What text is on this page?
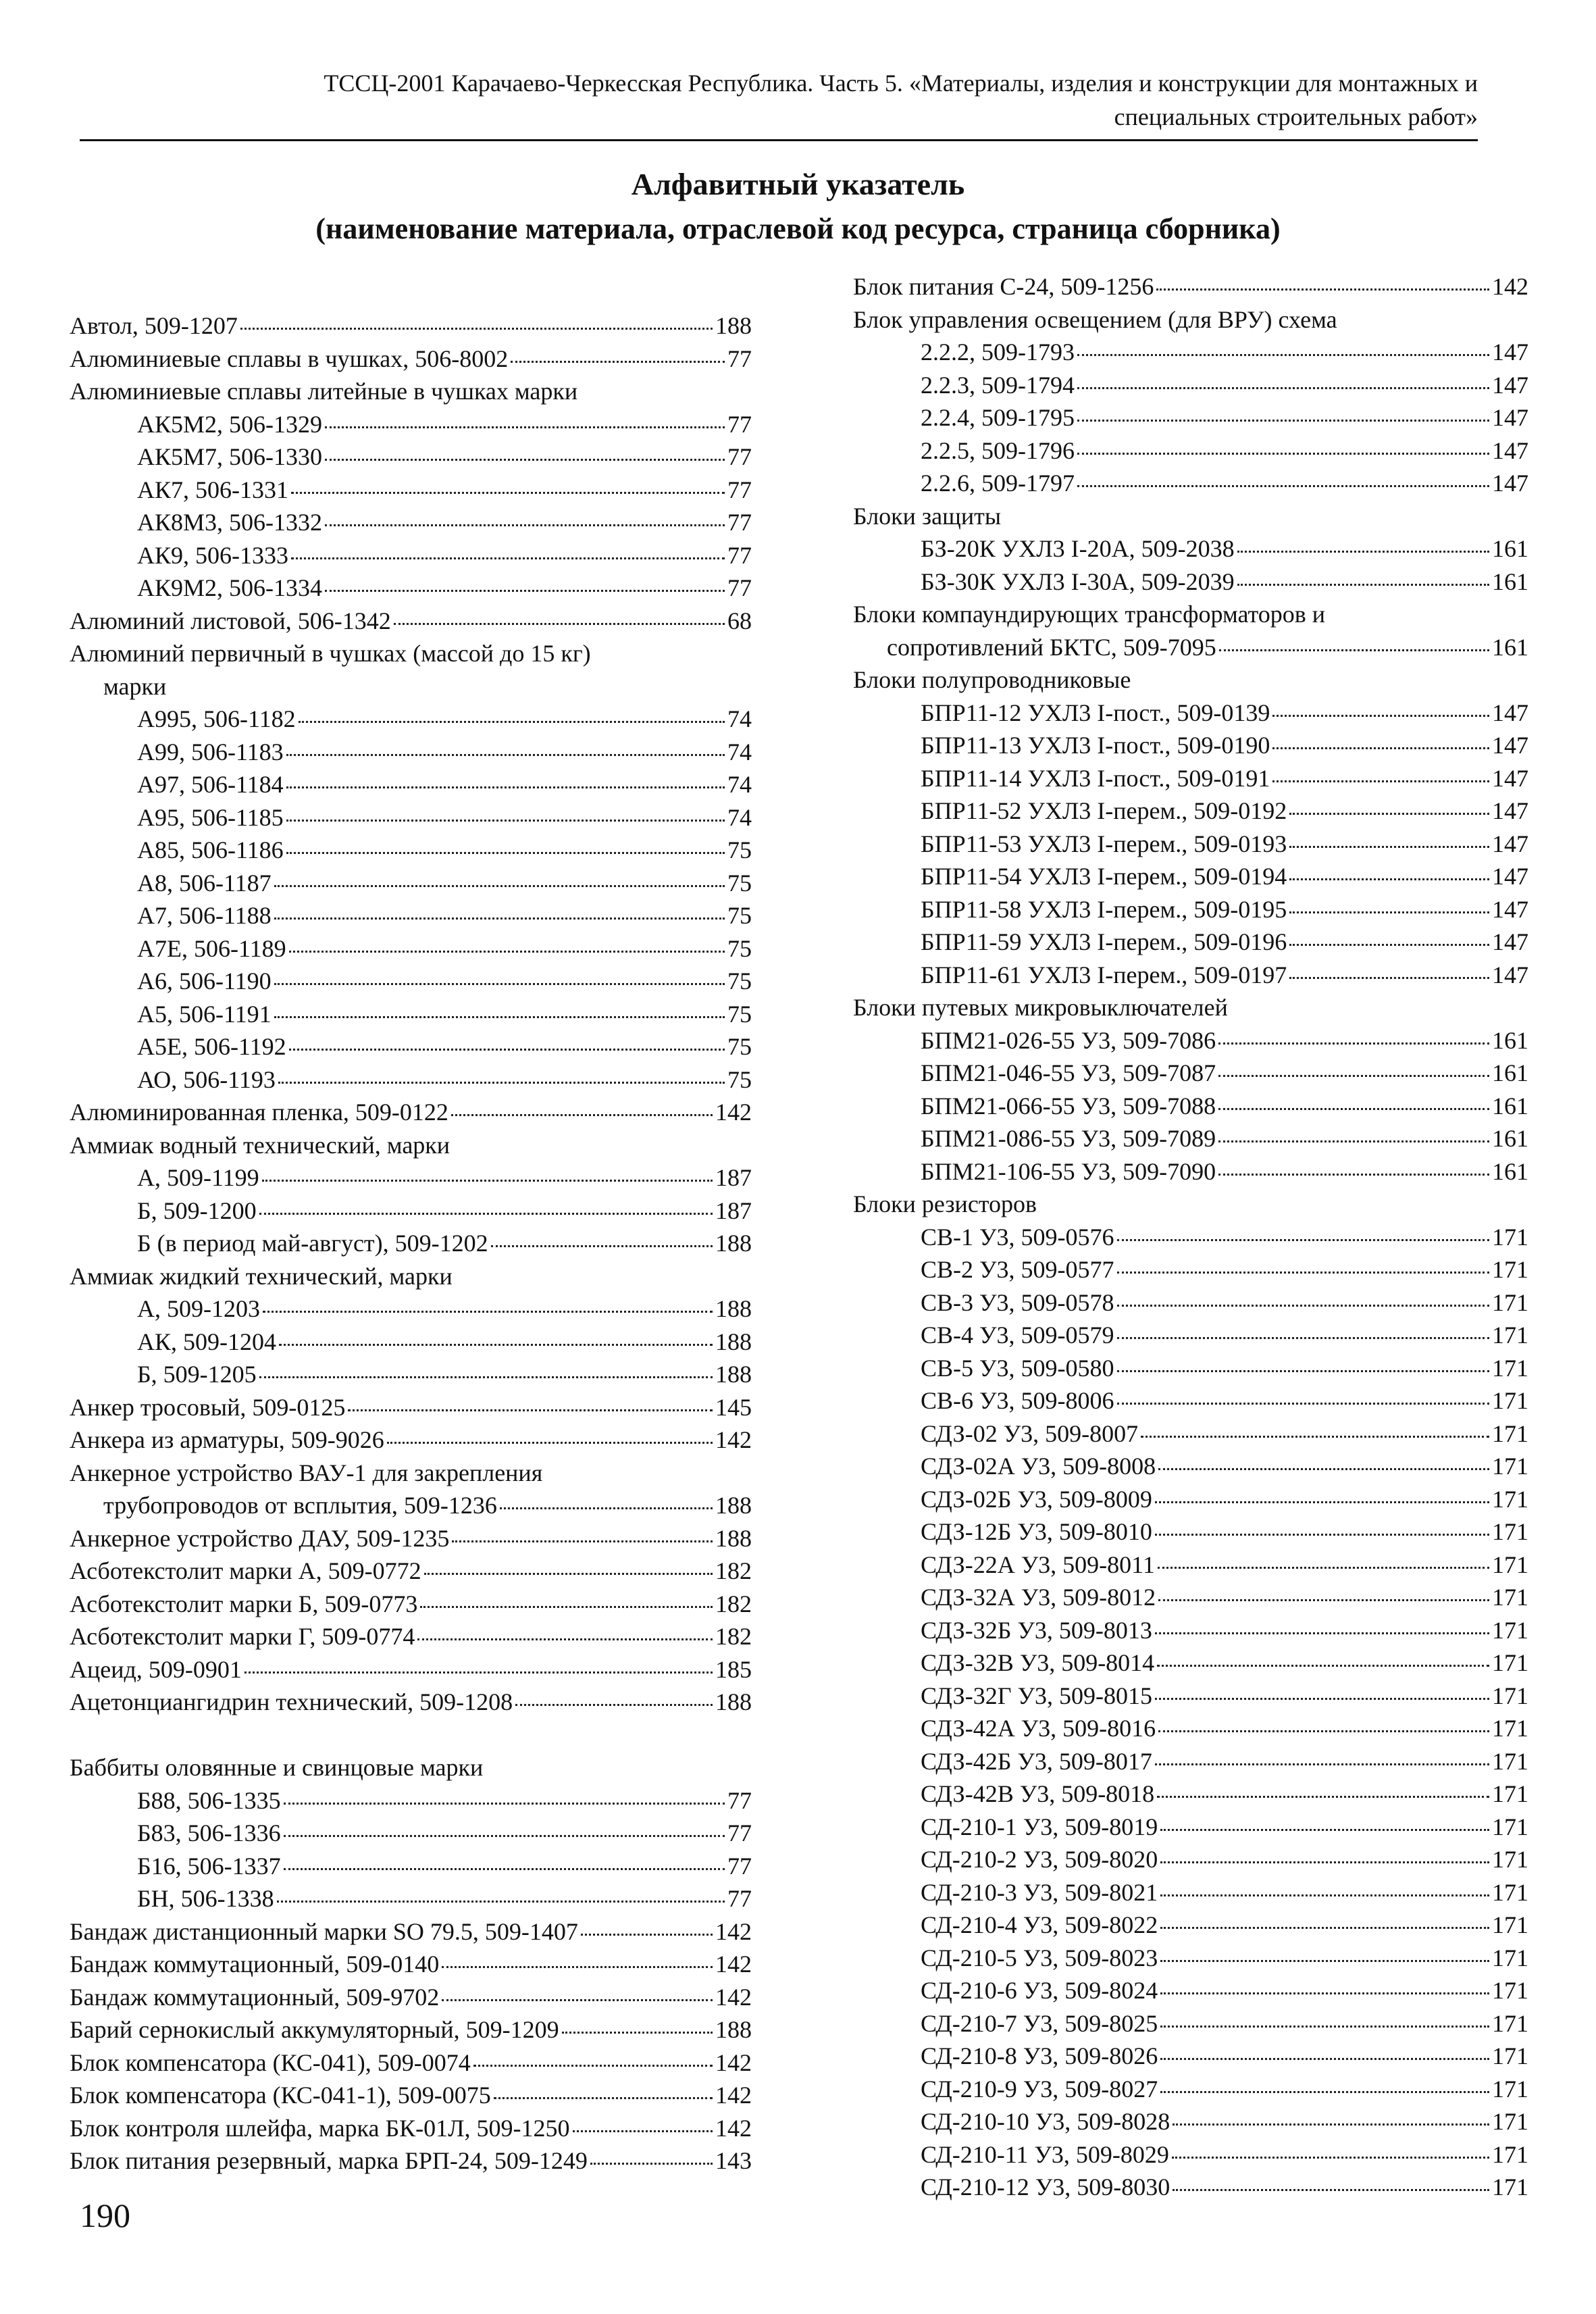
ТССЦ-2001 Карачаево-Черкесская Республика. Часть 5. «Материалы, изделия и конструкции для монтажных и
специальных строительных работ»
Алфавитный указатель
(наименование материала, отраслевой код ресурса, страница сборника)
Автол, 509-1207	188
Алюминиевые сплавы в чушках, 506-8002	77
Алюминиевые сплавы литейные в чушках марки
АК5М2, 506-1329	77
АК5М7, 506-1330	77
АК7, 506-1331	77
АК8М3, 506-1332	77
АК9, 506-1333	77
АК9М2, 506-1334	77
Алюминий листовой, 506-1342	68
Алюминий первичный в чушках (массой до 15 кг)
марки
А995, 506-1182	74
А99, 506-1183	74
А97, 506-1184	74
А95, 506-1185	74
А85, 506-1186	75
А8, 506-1187	75
А7, 506-1188	75
А7Е, 506-1189	75
А6, 506-1190	75
А5, 506-1191	75
А5Е, 506-1192	75
АО, 506-1193	75
Алюминированная пленка, 509-0122	142
Аммиак водный технический, марки
А, 509-1199	187
Б, 509-1200	187
Б (в период май-август), 509-1202	188
Аммиак жидкий технический, марки
А, 509-1203	188
АК, 509-1204	188
Б, 509-1205	188
Анкер тросовый, 509-0125	145
Анкера из арматуры, 509-9026	142
Анкерное устройство ВАУ-1 для закрепления
трубопроводов от всплытия, 509-1236	188
Анкерное устройство ДАУ, 509-1235	188
Асботекстолит марки А, 509-0772	182
Асботекстолит марки Б, 509-0773	182
Асботекстолит марки Г, 509-0774	182
Ацеид, 509-0901	185
Ацетонциангидрин технический, 509-1208	188
Баббиты оловянные и свинцовые марки
Б88, 506-1335	77
Б83, 506-1336	77
Б16, 506-1337	77
БН, 506-1338	77
Бандаж дистанционный марки SO 79.5, 509-1407	142
Бандаж коммутационный, 509-0140	142
Бандаж коммутационный, 509-9702	142
Барий сернокислый аккумуляторный, 509-1209	188
Блок компенсатора (КС-041), 509-0074	142
Блок компенсатора (КС-041-1), 509-0075	142
Блок контроля шлейфа, марка БК-01Л, 509-1250	142
Блок питания резервный, марка БРП-24, 509-1249	143
Блок питания С-24, 509-1256	142
Блок управления освещением (для ВРУ) схема
2.2.2, 509-1793	147
2.2.3, 509-1794	147
2.2.4, 509-1795	147
2.2.5, 509-1796	147
2.2.6, 509-1797	147
Блоки защиты
БЗ-20К УХЛ3 I-20А, 509-2038	161
БЗ-30К УХЛ3 I-30А, 509-2039	161
Блоки компаундирующих трансформаторов и
сопротивлений БКТС, 509-7095	161
Блоки полупроводниковые
БПР11-12 УХЛ3 I-пост., 509-0139	147
БПР11-13 УХЛ3 I-пост., 509-0190	147
БПР11-14 УХЛ3 I-пост., 509-0191	147
БПР11-52 УХЛ3 I-перем., 509-0192	147
БПР11-53 УХЛ3 I-перем., 509-0193	147
БПР11-54 УХЛ3 I-перем., 509-0194	147
БПР11-58 УХЛ3 I-перем., 509-0195	147
БПР11-59 УХЛ3 I-перем., 509-0196	147
БПР11-61 УХЛ3 I-перем., 509-0197	147
Блоки путевых микровыключателей
БПМ21-026-55 У3, 509-7086	161
БПМ21-046-55 У3, 509-7087	161
БПМ21-066-55 У3, 509-7088	161
БПМ21-086-55 У3, 509-7089	161
БПМ21-106-55 У3, 509-7090	161
Блоки резисторов
СВ-1 У3, 509-0576	171
СВ-2 У3, 509-0577	171
СВ-3 У3, 509-0578	171
СВ-4 У3, 509-0579	171
СВ-5 У3, 509-0580	171
СВ-6 У3, 509-8006	171
СДЗ-02 У3, 509-8007	171
СДЗ-02А У3, 509-8008	171
СДЗ-02Б У3, 509-8009	171
СДЗ-12Б У3, 509-8010	171
СДЗ-22А У3, 509-8011	171
СДЗ-32А У3, 509-8012	171
СДЗ-32Б У3, 509-8013	171
СДЗ-32В У3, 509-8014	171
СДЗ-32Г У3, 509-8015	171
СДЗ-42А У3, 509-8016	171
СДЗ-42Б У3, 509-8017	171
СДЗ-42В У3, 509-8018	171
СД-210-1 У3, 509-8019	171
СД-210-2 У3, 509-8020	171
СД-210-3 У3, 509-8021	171
СД-210-4 У3, 509-8022	171
СД-210-5 У3, 509-8023	171
СД-210-6 У3, 509-8024	171
СД-210-7 У3, 509-8025	171
СД-210-8 У3, 509-8026	171
СД-210-9 У3, 509-8027	171
СД-210-10 У3, 509-8028	171
СД-210-11 У3, 509-8029	171
СД-210-12 У3, 509-8030	171
190
